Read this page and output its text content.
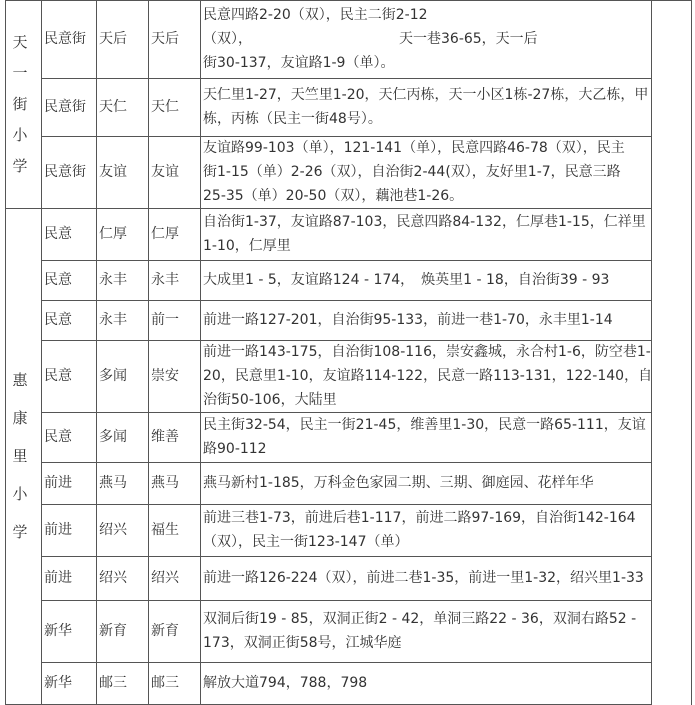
天
一
街
小
学
民意街 天后 天后
民意四路2-20（双），民主二街2-12
（双），　　　　　　　　　　　天一巷36-65，天一后
街30-137，友谊路1-9（单）。
民意街 天仁 天仁
天仁里1-27，天竺里1-20，天仁丙栋，天一小区1栋-27栋，大乙栋，甲
栋，丙栋（民主一街48号）。
民意街 友谊 友谊
友谊路99-103（单），121-141（单），民意四路46-78（双），民主
街1-15（单）2-26（双），自治街2-44(双），友好里1-7，民意三路
25-35（单）20-50（双），藕池巷1-26。
惠
康
里
小
学
民意 仁厚 仁厚
自治街1-37，友谊路87-103，民意四路84-132，仁厚巷1-15，仁祥里
1-10，仁厚里
民意 永丰 永丰 大成里1 - 5，友谊路124 - 174，　焕英里1 - 18，自治街39 - 93
民意 永丰 前一 前进一路127-201，自治街95-133，前进一巷1-70，永丰里1-14
民意 多闻 崇安
前进一路143-175，自治街108-116，崇安鑫城，永合村1-6，防空巷1-
20，民意里1-10，友谊路114-122，民意一路113-131，122-140，自
治街50-106，大陆里
民意 多闻 维善
民主街32-54，民主一街21-45，维善里1-30，民意一路65-111，友谊
路90-112
前进 燕马 燕马 燕马新村1-185，万科金色家园二期、三期、御庭园、花样年华
前进 绍兴 福生
前进三巷1-73，前进后巷1-117，前进二路97-169，自治街142-164
（双），民主一街123-147（单）
前进 绍兴 绍兴 前进一路126-224（双），前进二巷1-35，前进一里1-32，绍兴里1-33
新华 新育 新育
双洞后街19 - 85，双洞正街2 - 42，单洞三路22 - 36，双洞右路52 -
173，双洞正街58号，江城华庭
新华 邮三 邮三 解放大道794，788，798
